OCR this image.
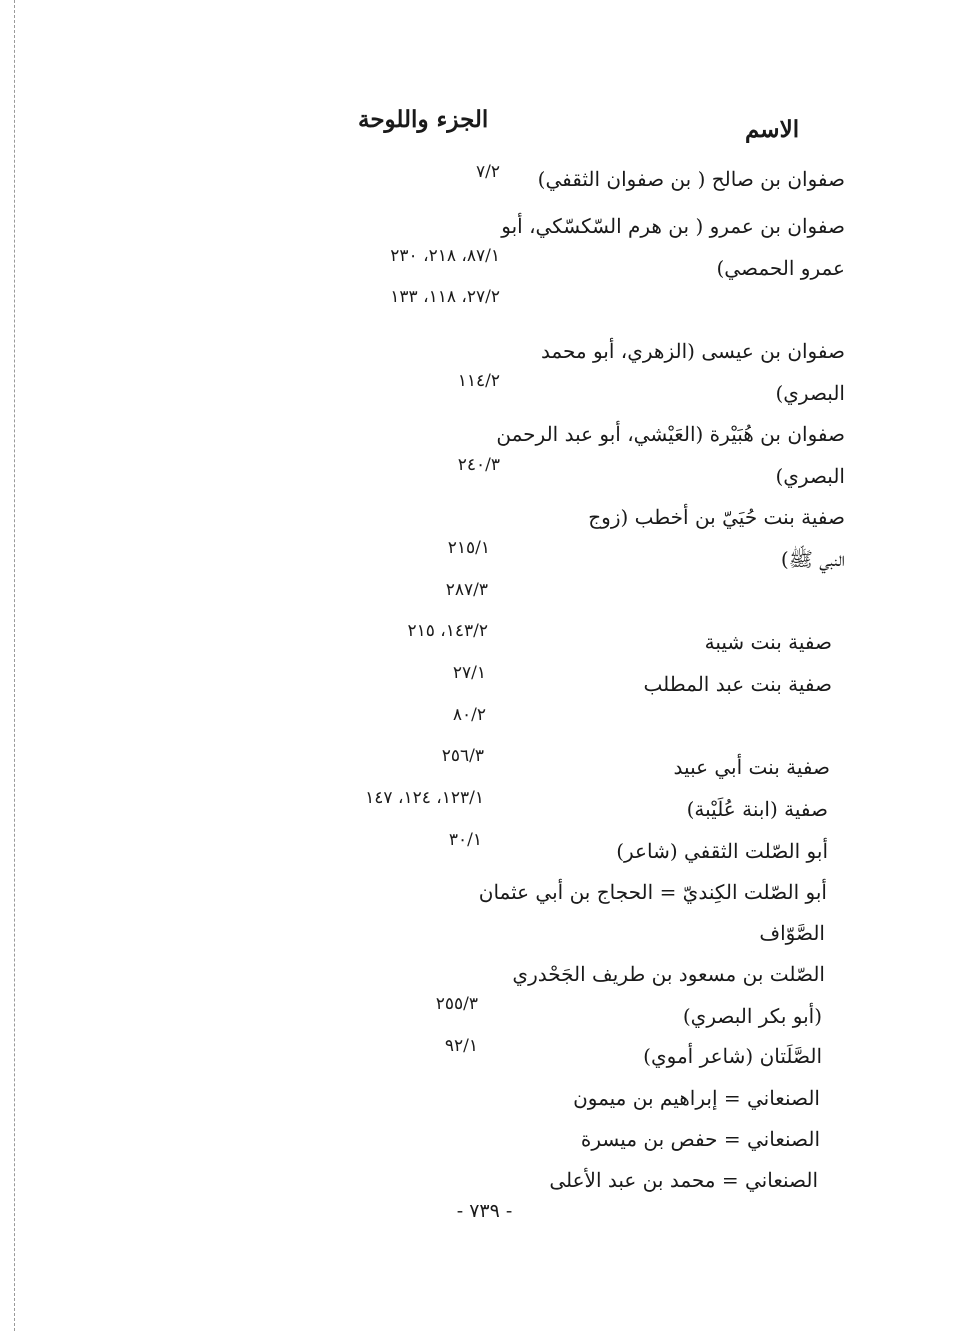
الاسم
الجزء واللوحة
صفوان بن صالح ( بن صفوان الثقفي)
صفوان بن عمرو ( بن هرم السّكسّكي، أبو
عمرو الحمصي)
صفوان بن عيسى (الزهري، أبو محمد
البصري)
صفوان بن هُبَيْرة (العَيْشي، أبو عبد الرحمن
البصري)
صفية بنت حُيَيّ بن أخطب (زوج
النبي ﷺ)
صفية بنت شيبة
صفية بنت عبد المطلب
صفية بنت أبي عبيد
صفية (ابنة عُلَيْبة)
أبو الصّلت الثقفي (شاعر)
أبو الصّلت الكِنديّ = الحجاج بن أبي عثمان
الصَّوّاف
الصّلت بن مسعود بن طريف الجَحْدري
(أبو بكر البصري)
الصَّلَتان (شاعر أموي)
الصنعاني = إبراهيم بن ميمون
الصنعاني = حفص بن ميسرة
الصنعاني = محمد بن عبد الأعلى
٧/٢
٨٧/١، ٢١٨، ٢٣٠
٢٧/٢، ١١٨، ١٣٣
١١٤/٢
٢٤٠/٣
٢١٥/١
٢٨٧/٣
١٤٣/٢، ٢١٥
٢٧/١
٨٠/٢
٢٥٦/٣
١٢٣/١، ١٢٤، ١٤٧
٣٠/١
٢٥٥/٣
٩٢/١
- ٧٣٩ -
